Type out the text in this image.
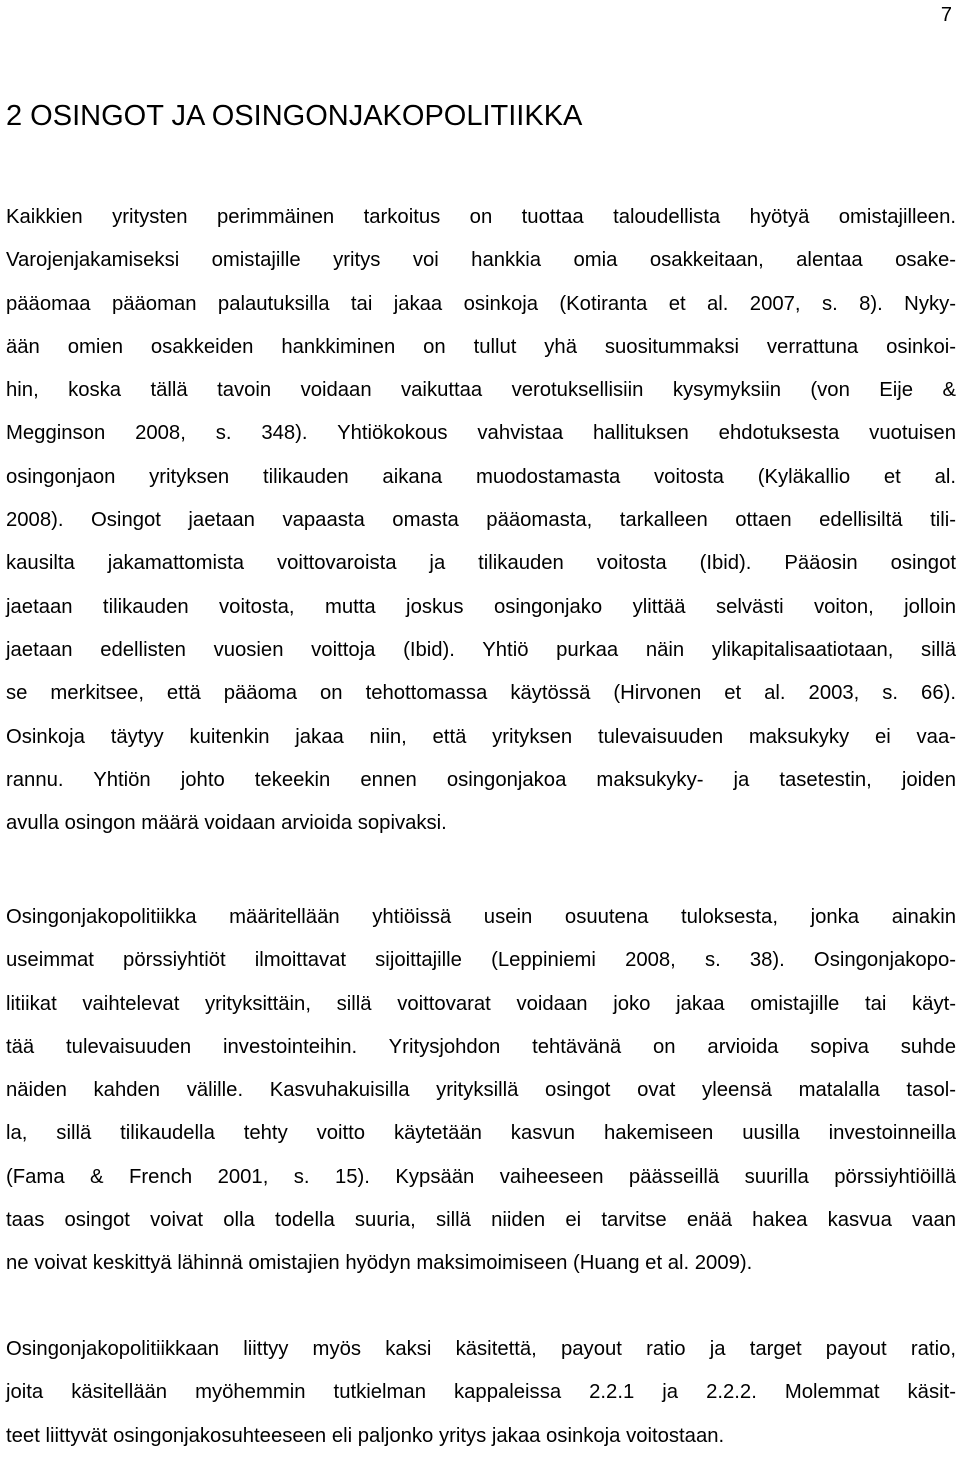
7
2 OSINGOT JA OSINGONJAKOPOLITIIKKA
Kaikkien yritysten perimmäinen tarkoitus on tuottaa taloudellista hyötyä omistajilleen.
Varojenjakamiseksi omistajille yritys voi hankkia omia osakkeitaan, alentaa osake-
pääomaa pääoman palautuksilla tai jakaa osinkoja (Kotiranta et al. 2007, s. 8). Nyky-
ään omien osakkeiden hankkiminen on tullut yhä suositummaksi verrattuna osinkoi-
hin, koska tällä tavoin voidaan vaikuttaa verotuksellisiin kysymyksiin (von Eije &
Megginson 2008, s. 348). Yhtiökokous vahvistaa hallituksen ehdotuksesta vuotuisen
osingonjaon yrityksen tilikauden aikana muodostamasta voitosta (Kyläkallio et al.
2008). Osingot jaetaan vapaasta omasta pääomasta, tarkalleen ottaen edellisiltä tili-
kausilta jakamattomista voittovaroista ja tilikauden voitosta (Ibid). Pääosin osingot
jaetaan tilikauden voitosta, mutta joskus osingonjako ylittää selvästi voiton, jolloin
jaetaan edellisten vuosien voittoja (Ibid). Yhtiö purkaa näin ylikapitalisaatiotaan, sillä
se merkitsee, että pääoma on tehottomassa käytössä (Hirvonen et al. 2003, s. 66).
Osinkoja täytyy kuitenkin jakaa niin, että yrityksen tulevaisuuden maksukyky ei vaa-
rannu. Yhtiön johto tekeekin ennen osingonjakoa maksukyky- ja tasetestin, joiden
avulla osingon määrä voidaan arvioida sopivaksi.
Osingonjakopolitiikka määritellään yhtiöissä usein osuutena tuloksesta, jonka ainakin
useimmat pörssiyhtiöt ilmoittavat sijoittajille (Leppiniemi 2008, s. 38). Osingonjakopo-
litiikat vaihtelevat yrityksittäin, sillä voittovarat voidaan joko jakaa omistajille tai käyt-
tää tulevaisuuden investointeihin. Yritysjohdon tehtävänä on arvioida sopiva suhde
näiden kahden välille. Kasvuhakuisilla yrityksillä osingot ovat yleensä matalalla tasol-
la, sillä tilikaudella tehty voitto käytetään kasvun hakemiseen uusilla investoinneilla
(Fama & French 2001, s. 15). Kypsään vaiheeseen päässeillä suurilla pörssiyhtiöillä
taas osingot voivat olla todella suuria, sillä niiden ei tarvitse enää hakea kasvua vaan
ne voivat keskittyä lähinnä omistajien hyödyn maksimoimiseen (Huang et al. 2009).
Osingonjakopolitiikkaan liittyy myös kaksi käsitettä, payout ratio ja target payout ratio,
joita käsitellään myöhemmin tutkielman kappaleissa 2.2.1 ja 2.2.2. Molemmat käsit-
teet liittyvät osingonjakosuhteeseen eli paljonko yritys jakaa osinkoja voitostaan.
